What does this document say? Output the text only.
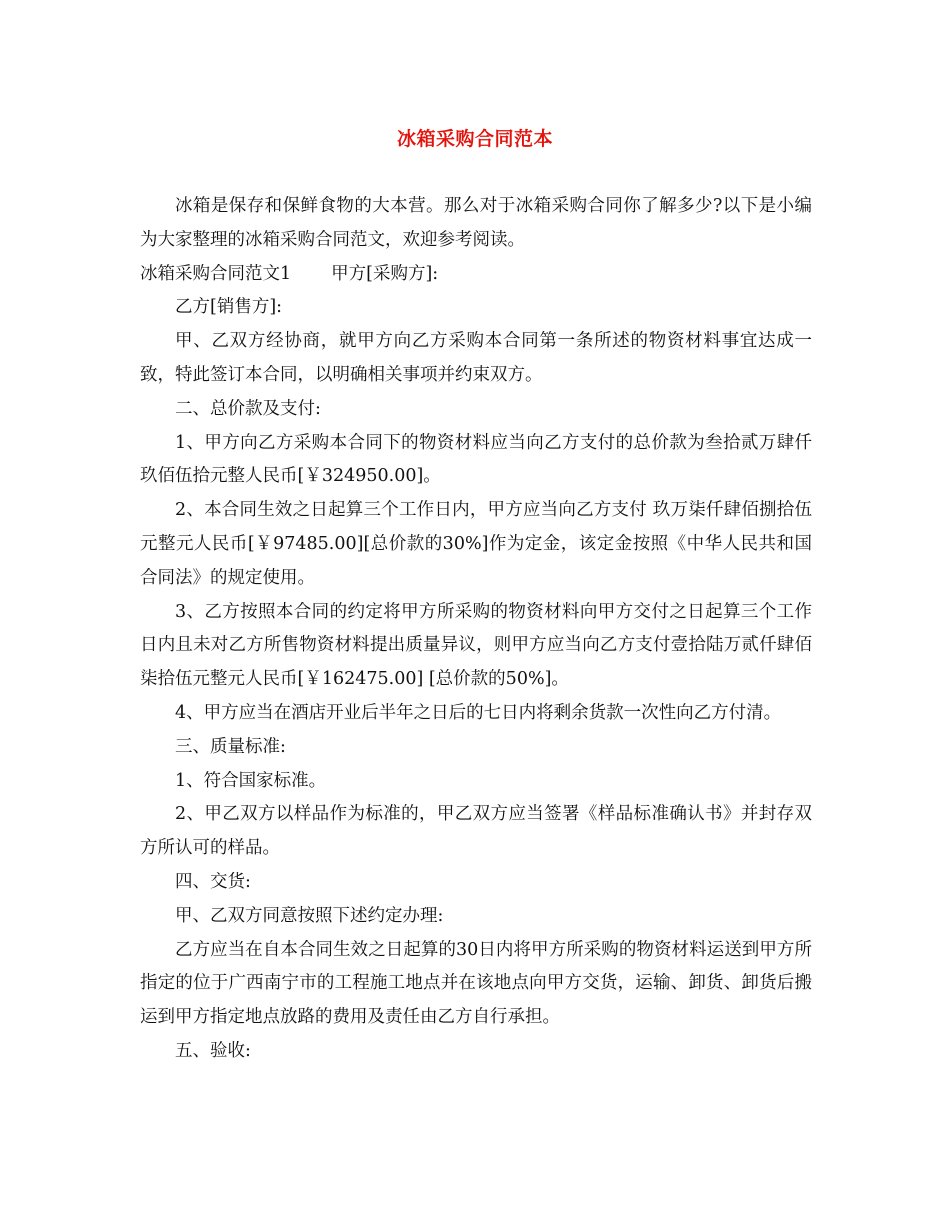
冰箱采购合同范本

冰箱是保存和保鲜食物的大本营。那么对于冰箱采购合同你了解多少?以下是小编为大家整理的冰箱采购合同范文，欢迎参考阅读。

冰箱采购合同范文1 甲方[采购方]:

乙方[销售方]:

甲、乙双方经协商，就甲方向乙方采购本合同第一条所述的物资材料事宜达成一致，特此签订本合同，以明确相关事项并约束双方。

二、总价款及支付:

1、甲方向乙方采购本合同下的物资材料应当向乙方支付的总价款为叁拾贰万肆仟玖佰伍拾元整人民币[￥324950.00]。

2、本合同生效之日起算三个工作日内，甲方应当向乙方支付 玖万柒仟肆佰捌拾伍元整元人民币[￥97485.00][总价款的30%]作为定金，该定金按照《中华人民共和国合同法》的规定使用。

3、乙方按照本合同的约定将甲方所采购的物资材料向甲方交付之日起算三个工作日内且未对乙方所售物资材料提出质量异议，则甲方应当向乙方支付壹拾陆万贰仟肆佰柒拾伍元整元人民币[￥162475.00] [总价款的50%]。

4、甲方应当在酒店开业后半年之日后的七日内将剩余货款一次性向乙方付清。

三、质量标准:

1、符合国家标准。

2、甲乙双方以样品作为标准的，甲乙双方应当签署《样品标准确认书》并封存双方所认可的样品。

四、交货:

甲、乙双方同意按照下述约定办理:

乙方应当在自本合同生效之日起算的30日内将甲方所采购的物资材料运送到甲方所指定的位于广西南宁市的工程施工地点并在该地点向甲方交货，运输、卸货、卸货后搬运到甲方指定地点放路的费用及责任由乙方自行承担。

五、验收:
